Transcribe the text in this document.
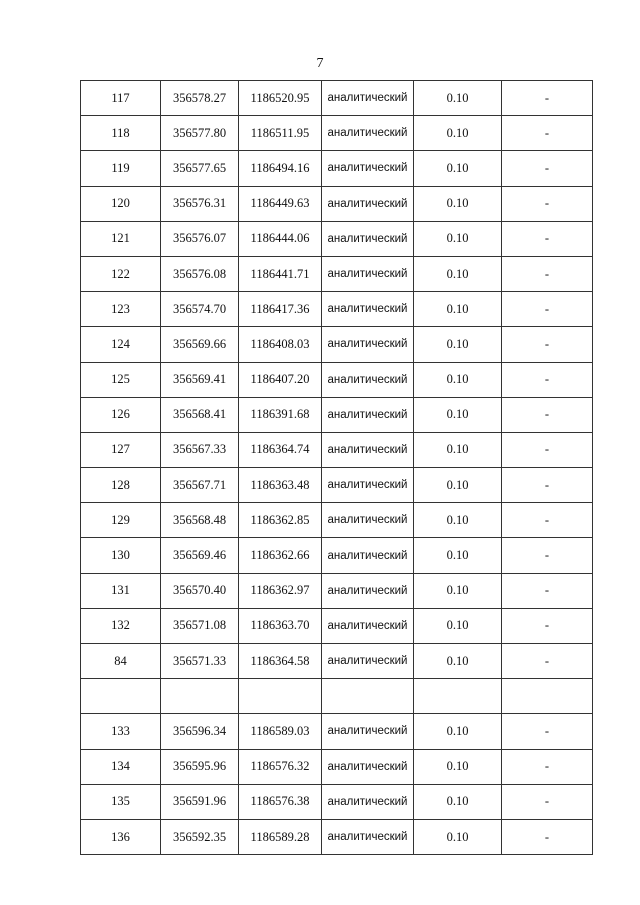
7
117	356578.27	1186520.95	аналитический	0.10	-
118	356577.80	1186511.95	аналитический	0.10	-
119	356577.65	1186494.16	аналитический	0.10	-
120	356576.31	1186449.63	аналитический	0.10	-
121	356576.07	1186444.06	аналитический	0.10	-
122	356576.08	1186441.71	аналитический	0.10	-
123	356574.70	1186417.36	аналитический	0.10	-
124	356569.66	1186408.03	аналитический	0.10	-
125	356569.41	1186407.20	аналитический	0.10	-
126	356568.41	1186391.68	аналитический	0.10	-
127	356567.33	1186364.74	аналитический	0.10	-
128	356567.71	1186363.48	аналитический	0.10	-
129	356568.48	1186362.85	аналитический	0.10	-
130	356569.46	1186362.66	аналитический	0.10	-
131	356570.40	1186362.97	аналитический	0.10	-
132	356571.08	1186363.70	аналитический	0.10	-
84	356571.33	1186364.58	аналитический	0.10	-

133	356596.34	1186589.03	аналитический	0.10	-
134	356595.96	1186576.32	аналитический	0.10	-
135	356591.96	1186576.38	аналитический	0.10	-
136	356592.35	1186589.28	аналитический	0.10	-
